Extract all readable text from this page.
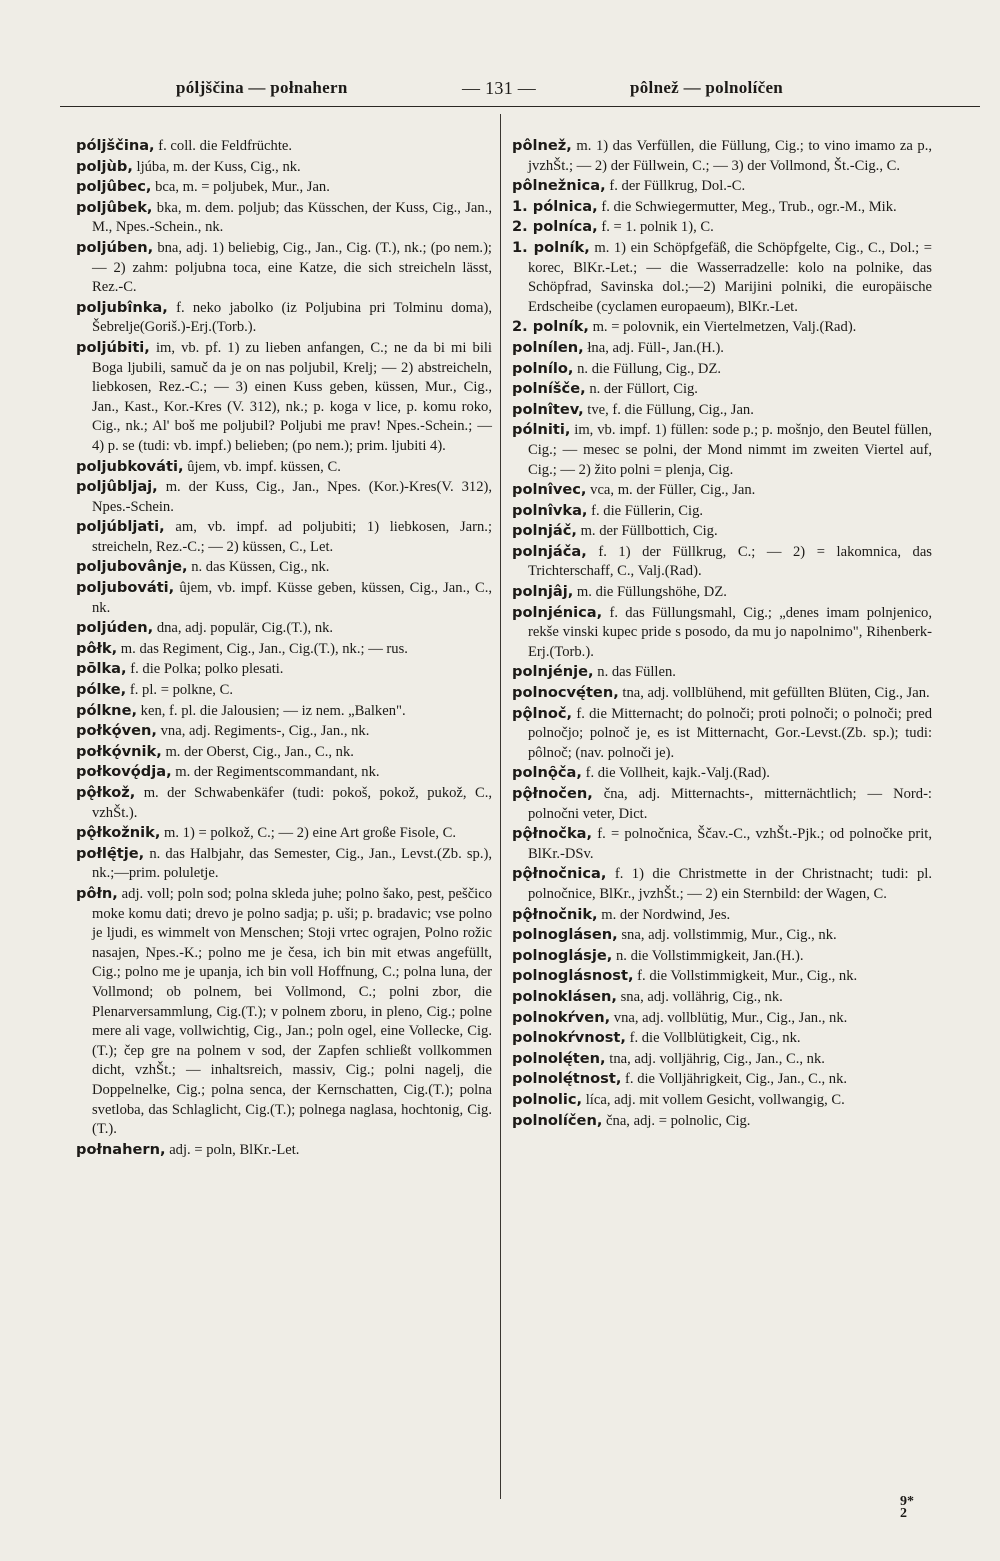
póljščina — połnahern	— 131 —	pôlnež — polnolíčen

póljščina, f. coll. die Feldfrüchte.

poljùb, ljúba, m. der Kuss, Cig., nk.

poljûbec, bca, m. = poljubek, Mur., Jan.

poljûbek, bka, m. dem. poljub; das Küsschen, der Kuss, Cig., Jan., M., Npes.-Schein., nk.

poljúben, bna, adj. 1) beliebig, Cig., Jan., Cig. (T.), nk.; (po nem.); — 2) zahm: poljubna toca, eine Katze, die sich streicheln lässt, Rez.-C.

poljubînka, f. neko jabolko (iz Poljubina pri Tolminu doma), Šebrelje(Goriš.)-Erj.(Torb.).

poljúbiti, im, vb. pf. 1) zu lieben anfangen, C.; ne da bi mi bili Boga ljubili, samuč da je on nas poljubil, Krelj; — 2) abstreicheln, liebkosen, Rez.-C.; — 3) einen Kuss geben, küssen, Mur., Cig., Jan., Kast., Kor.-Kres (V. 312), nk.; p. koga v lice, p. komu roko, Cig., nk.; Al' boš me poljubil? Poljubi me prav! Npes.-Schein.; — 4) p. se (tudi: vb. impf.) belieben; (po nem.); prim. ljubiti 4).

poljubkováti, ûjem, vb. impf. küssen, C.

poljûbljaj, m. der Kuss, Cig., Jan., Npes. (Kor.)-Kres(V. 312), Npes.-Schein.

poljúbljati, am, vb. impf. ad poljubiti; 1) liebkosen, Jarn.; streicheln, Rez.-C.; — 2) küssen, C., Let.

poljubovânje, n. das Küssen, Cig., nk.

poljubováti, ûjem, vb. impf. Küsse geben, küssen, Cig., Jan., C., nk.

poljúden, dna, adj. populär, Cig.(T.), nk.

pôłk, m. das Regiment, Cig., Jan., Cig.(T.), nk.; — rus.

pōlka, f. die Polka; polko plesati.

pólke, f. pl. = polkne, C.

pólkne, ken, f. pl. die Jalousien; — iz nem. „Balken".

połkǫ́ven, vna, adj. Regiments-, Cig., Jan., nk.

połkǫ́vnik, m. der Oberst, Cig., Jan., C., nk.

połkovǫ́dja, m. der Regimentscommandant, nk.

pǫ̂łkož, m. der Schwabenkäfer (tudi: pokoš, pokož, pukož, C., vzhŠt.).

pǫ̂łkožnik, m. 1) = polkož, C.; — 2) eine Art große Fisole, C.

połlę̑tje, n. das Halbjahr, das Semester, Cig., Jan., Levst.(Zb. sp.), nk.;—prim. poluletje.

pôłn, adj. voll; poln sod; polna skleda juhe; polno šako, pest, peščico moke komu dati; drevo je polno sadja; p. uši; p. bradavic; vse polno je ljudi, es wimmelt von Menschen; Stoji vrtec ograjen, Polno rožic nasajen, Npes.-K.; polno me je česa, ich bin mit etwas angefüllt, Cig.; polno me je upanja, ich bin voll Hoffnung, C.; polna luna, der Vollmond; ob polnem, bei Vollmond, C.; polni zbor, die Plenarversammlung, Cig.(T.); v polnem zboru, in pleno, Cig.; polne mere ali vage, vollwichtig, Cig., Jan.; poln ogel, eine Vollecke, Cig.(T.); čep gre na polnem v sod, der Zapfen schließt vollkommen dicht, vzhŠt.; — inhaltsreich, massiv, Cig.; polni nagelj, die Doppelnelke, Cig.; polna senca, der Kernschatten, Cig.(T.); polna svetloba, das Schlaglicht, Cig.(T.); polnega naglasa, hochtonig, Cig.(T.).

połnahern, adj. = poln, BlKr.-Let.

pôlnež, m. 1) das Verfüllen, die Füllung, Cig.; to vino imamo za p., jvzhŠt.; — 2) der Füllwein, C.; — 3) der Vollmond, Št.-Cig., C.

pôlnežnica, f. der Füllkrug, Dol.-C.

1. pólnica, f. die Schwiegermutter, Meg., Trub., ogr.-M., Mik.

2. polníca, f. = 1. polnik 1), C.

1. polník, m. 1) ein Schöpfgefäß, die Schöpfgelte, Cig., C., Dol.; = korec, BlKr.-Let.; — die Wasserradzelle: kolo na polnike, das Schöpfrad, Savinska dol.;—2) Marijini polniki, die europäische Erdscheibe (cyclamen europaeum), BlKr.-Let.

2. polník, m. = polovnik, ein Viertelmetzen, Valj.(Rad).

polnílen, łna, adj. Füll-, Jan.(H.).

polnílo, n. die Füllung, Cig., DZ.

polníšče, n. der Füllort, Cig.

polnîtev, tve, f. die Füllung, Cig., Jan.

pólniti, im, vb. impf. 1) füllen: sode p.; p. mošnjo, den Beutel füllen, Cig.; — mesec se polni, der Mond nimmt im zweiten Viertel auf, Cig.; — 2) žito polni = plenja, Cig.

polnîvec, vca, m. der Füller, Cig., Jan.

polnîvka, f. die Füllerin, Cig.

polnjáč, m. der Füllbottich, Cig.

polnjáča, f. 1) der Füllkrug, C.; — 2) = lakomnica, das Trichterschaff, C., Valj.(Rad).

polnjâj, m. die Füllungshöhe, DZ.

polnjénica, f. das Füllungsmahl, Cig.; „denes imam polnjenico, rekše vinski kupec pride s posodo, da mu jo napolnimo", Rihenberk-Erj.(Torb.).

polnjénje, n. das Füllen.

polnocvę́ten, tna, adj. vollblühend, mit gefüllten Blüten, Cig., Jan.

pǫ̂lnoč, f. die Mitternacht; do polnoči; proti polnoči; o polnoči; pred polnočjo; polnoč je, es ist Mitternacht, Gor.-Levst.(Zb. sp.); tudi: pôlnoč; (nav. polnoči je).

polnǫ̑ča, f. die Vollheit, kajk.-Valj.(Rad).

pǫ̂łnočen, čna, adj. Mitternachts-, mitternächtlich; — Nord-: polnočni veter, Dict.

pǫ̂łnočka, f. = polnočnica, Ščav.-C., vzhŠt.-Pjk.; od polnočke prit, BlKr.-DSv.

pǫ̂łnočnica, f. 1) die Christmette in der Christnacht; tudi: pl. polnočnice, BlKr., jvzhŠt.; — 2) ein Sternbild: der Wagen, C.

pǫ̂łnočnik, m. der Nordwind, Jes.

polnoglásen, sna, adj. vollstimmig, Mur., Cig., nk.

polnoglásje, n. die Vollstimmigkeit, Jan.(H.).

polnoglásnost, f. die Vollstimmigkeit, Mur., Cig., nk.

polnoklásen, sna, adj. vollährig, Cig., nk.

polnokŕven, vna, adj. vollblütig, Mur., Cig., Jan., nk.

polnokŕvnost, f. die Vollblütigkeit, Cig., nk.

polnolę́ten, tna, adj. volljährig, Cig., Jan., C., nk.

polnolę́tnost, f. die Volljährigkeit, Cig., Jan., C., nk.

polnolic, líca, adj. mit vollem Gesicht, vollwangig, C.

polnolíčen, čna, adj. = polnolic, Cig.

9*
2
